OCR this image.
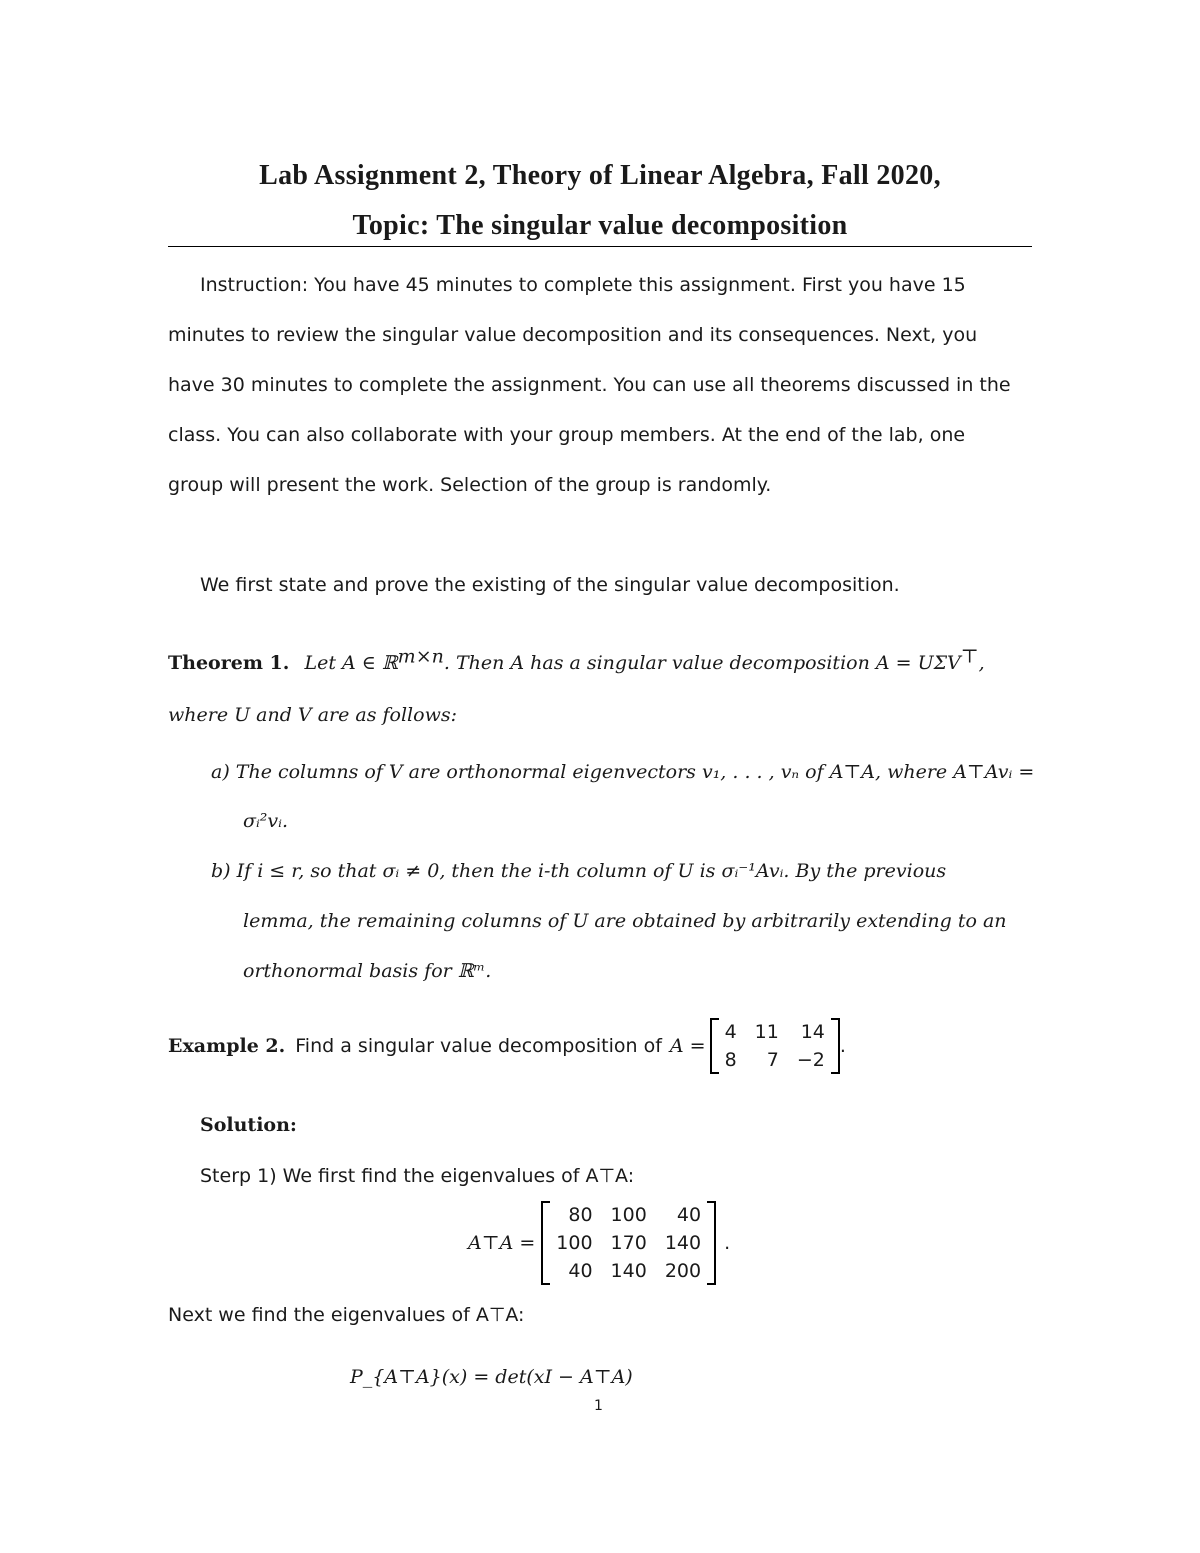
Lab Assignment 2, Theory of Linear Algebra, Fall 2020,
Topic: The singular value decomposition
Instruction: You have 45 minutes to complete this assignment. First you have 15
minutes to review the singular value decomposition and its consequences. Next, you
have 30 minutes to complete the assignment. You can use all theorems discussed in the
class. You can also collaborate with your group members. At the end of the lab, one
group will present the work. Selection of the group is randomly.
We first state and prove the existing of the singular value decomposition.
Theorem 1. Let A ∈ ℝ$^{m\times n}$. Then A has a singular value decomposition A = UΣV⊤,
where U and V are as follows:
a) The columns of V are orthonormal eigenvectors v₁, . . . , vₙ of A⊤A, where A⊤Avᵢ =
σᵢ²vᵢ.
b) If i ≤ r, so that σᵢ ≠ 0, then the i-th column of U is σᵢ⁻¹Avᵢ. By the previous
lemma, the remaining columns of U are obtained by arbitrarily extending to an
orthonormal basis for ℝᵐ.
Example 2. Find a singular value decomposition of A =
4	11	14
8	7	−2
.
Solution:
Sterp 1) We first find the eigenvalues of A⊤A:
A⊤A =
80	100	40
100	170	140
40	140	200
.
Next we find the eigenvalues of A⊤A:
P_{A⊤A}(x) = det(xI − A⊤A)
1
